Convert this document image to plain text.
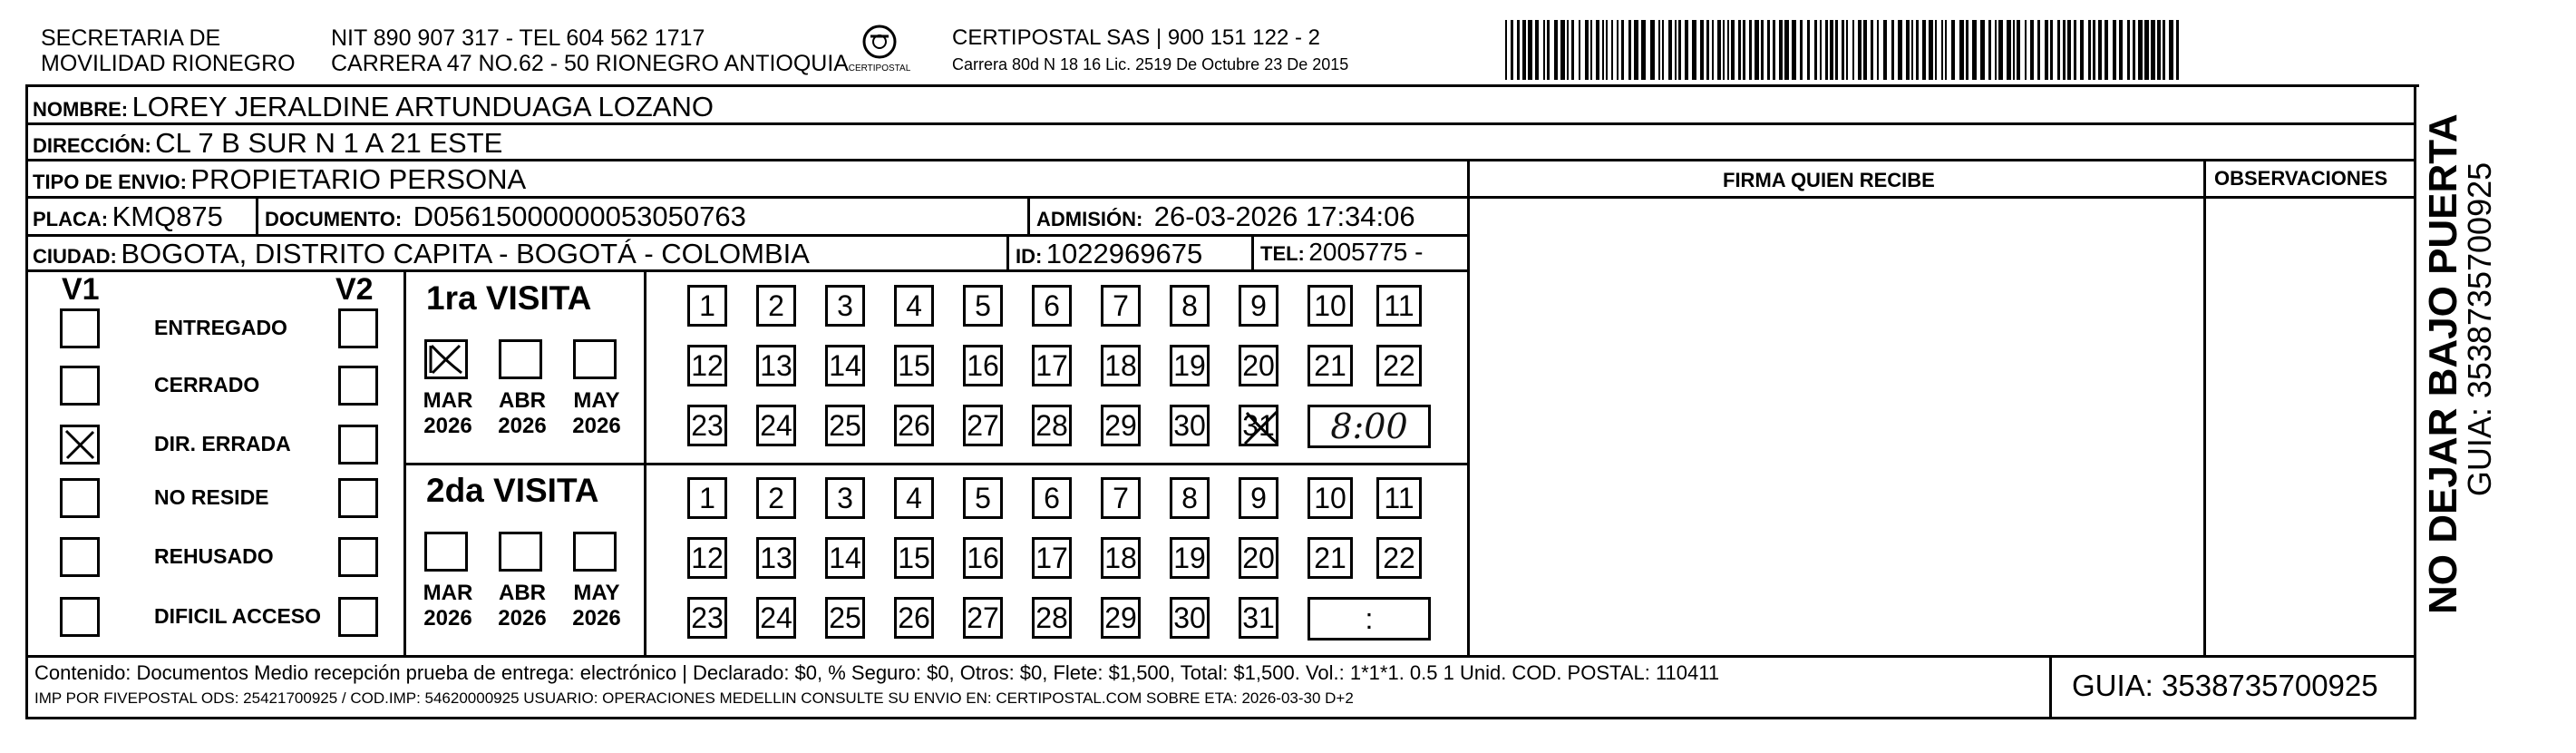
SECRETARIA DE
MOVILIDAD RIONEGRO
NIT 890 907 317 - TEL 604 562 1717
CARRERA 47 NO.62 - 50 RIONEGRO ANTIOQUIA CERTIPOSTAL
CERTIPOSTAL SAS | 900 151 122 - 2
Carrera 80d N 18 16 Lic. 2519 De Octubre 23 De 2015
NOMBRE: LOREY JERALDINE ARTUNDUAGA LOZANO
DIRECCIÓN: CL 7 B SUR N 1 A 21 ESTE
TIPO DE ENVIO: PROPIETARIO PERSONA
PLACA: KMQ875 DOCUMENTO: D05615000000053050763	ADMISIÓN: 26-03-2026 17:34:06
CIUDAD: BOGOTA, DISTRITO CAPITA - BOGOTÁ - COLOMBIA	ID: 1022969675	TEL: 2005775 -
FIRMA QUIEN RECIBE	OBSERVACIONES
V1	V2
ENTREGADO
CERRADO
DIR. ERRADA
NO RESIDE
REHUSADO
DIFICIL ACCESO
1ra VISITA
MAR
2026
ABR
2026
MAY
2026
1	2	3	4	5	6	7	8	9	10 11
12 13 14 15 16 17 18 19 20 21 22
23 24 25 26 27 28 29 30 31 8:00
2da VISITA
MAR
2026
ABR
2026
MAY
2026
1	2	3	4	5	6	7	8	9	10 11
12 13 14 15 16 17 18 19 20 21 22
23 24 25 26 27 28 29 30 31	:
Contenido: Documentos Medio recepción prueba de entrega: electrónico | Declarado: $0, % Seguro: $0, Otros: $0, Flete: $1,500, Total: $1,500. Vol.: 1*1*1. 0.5 1 Unid. COD. POSTAL: 110411
IMP POR FIVEPOSTAL ODS: 25421700925 / COD.IMP: 54620000925 USUARIO: OPERACIONES MEDELLIN CONSULTE SU ENVIO EN: CERTIPOSTAL.COM SOBRE ETA: 2026-03-30 D+2	GUIA: 3538735700925
NO DEJAR BAJO PUERTA
GUIA: 3538735700925
